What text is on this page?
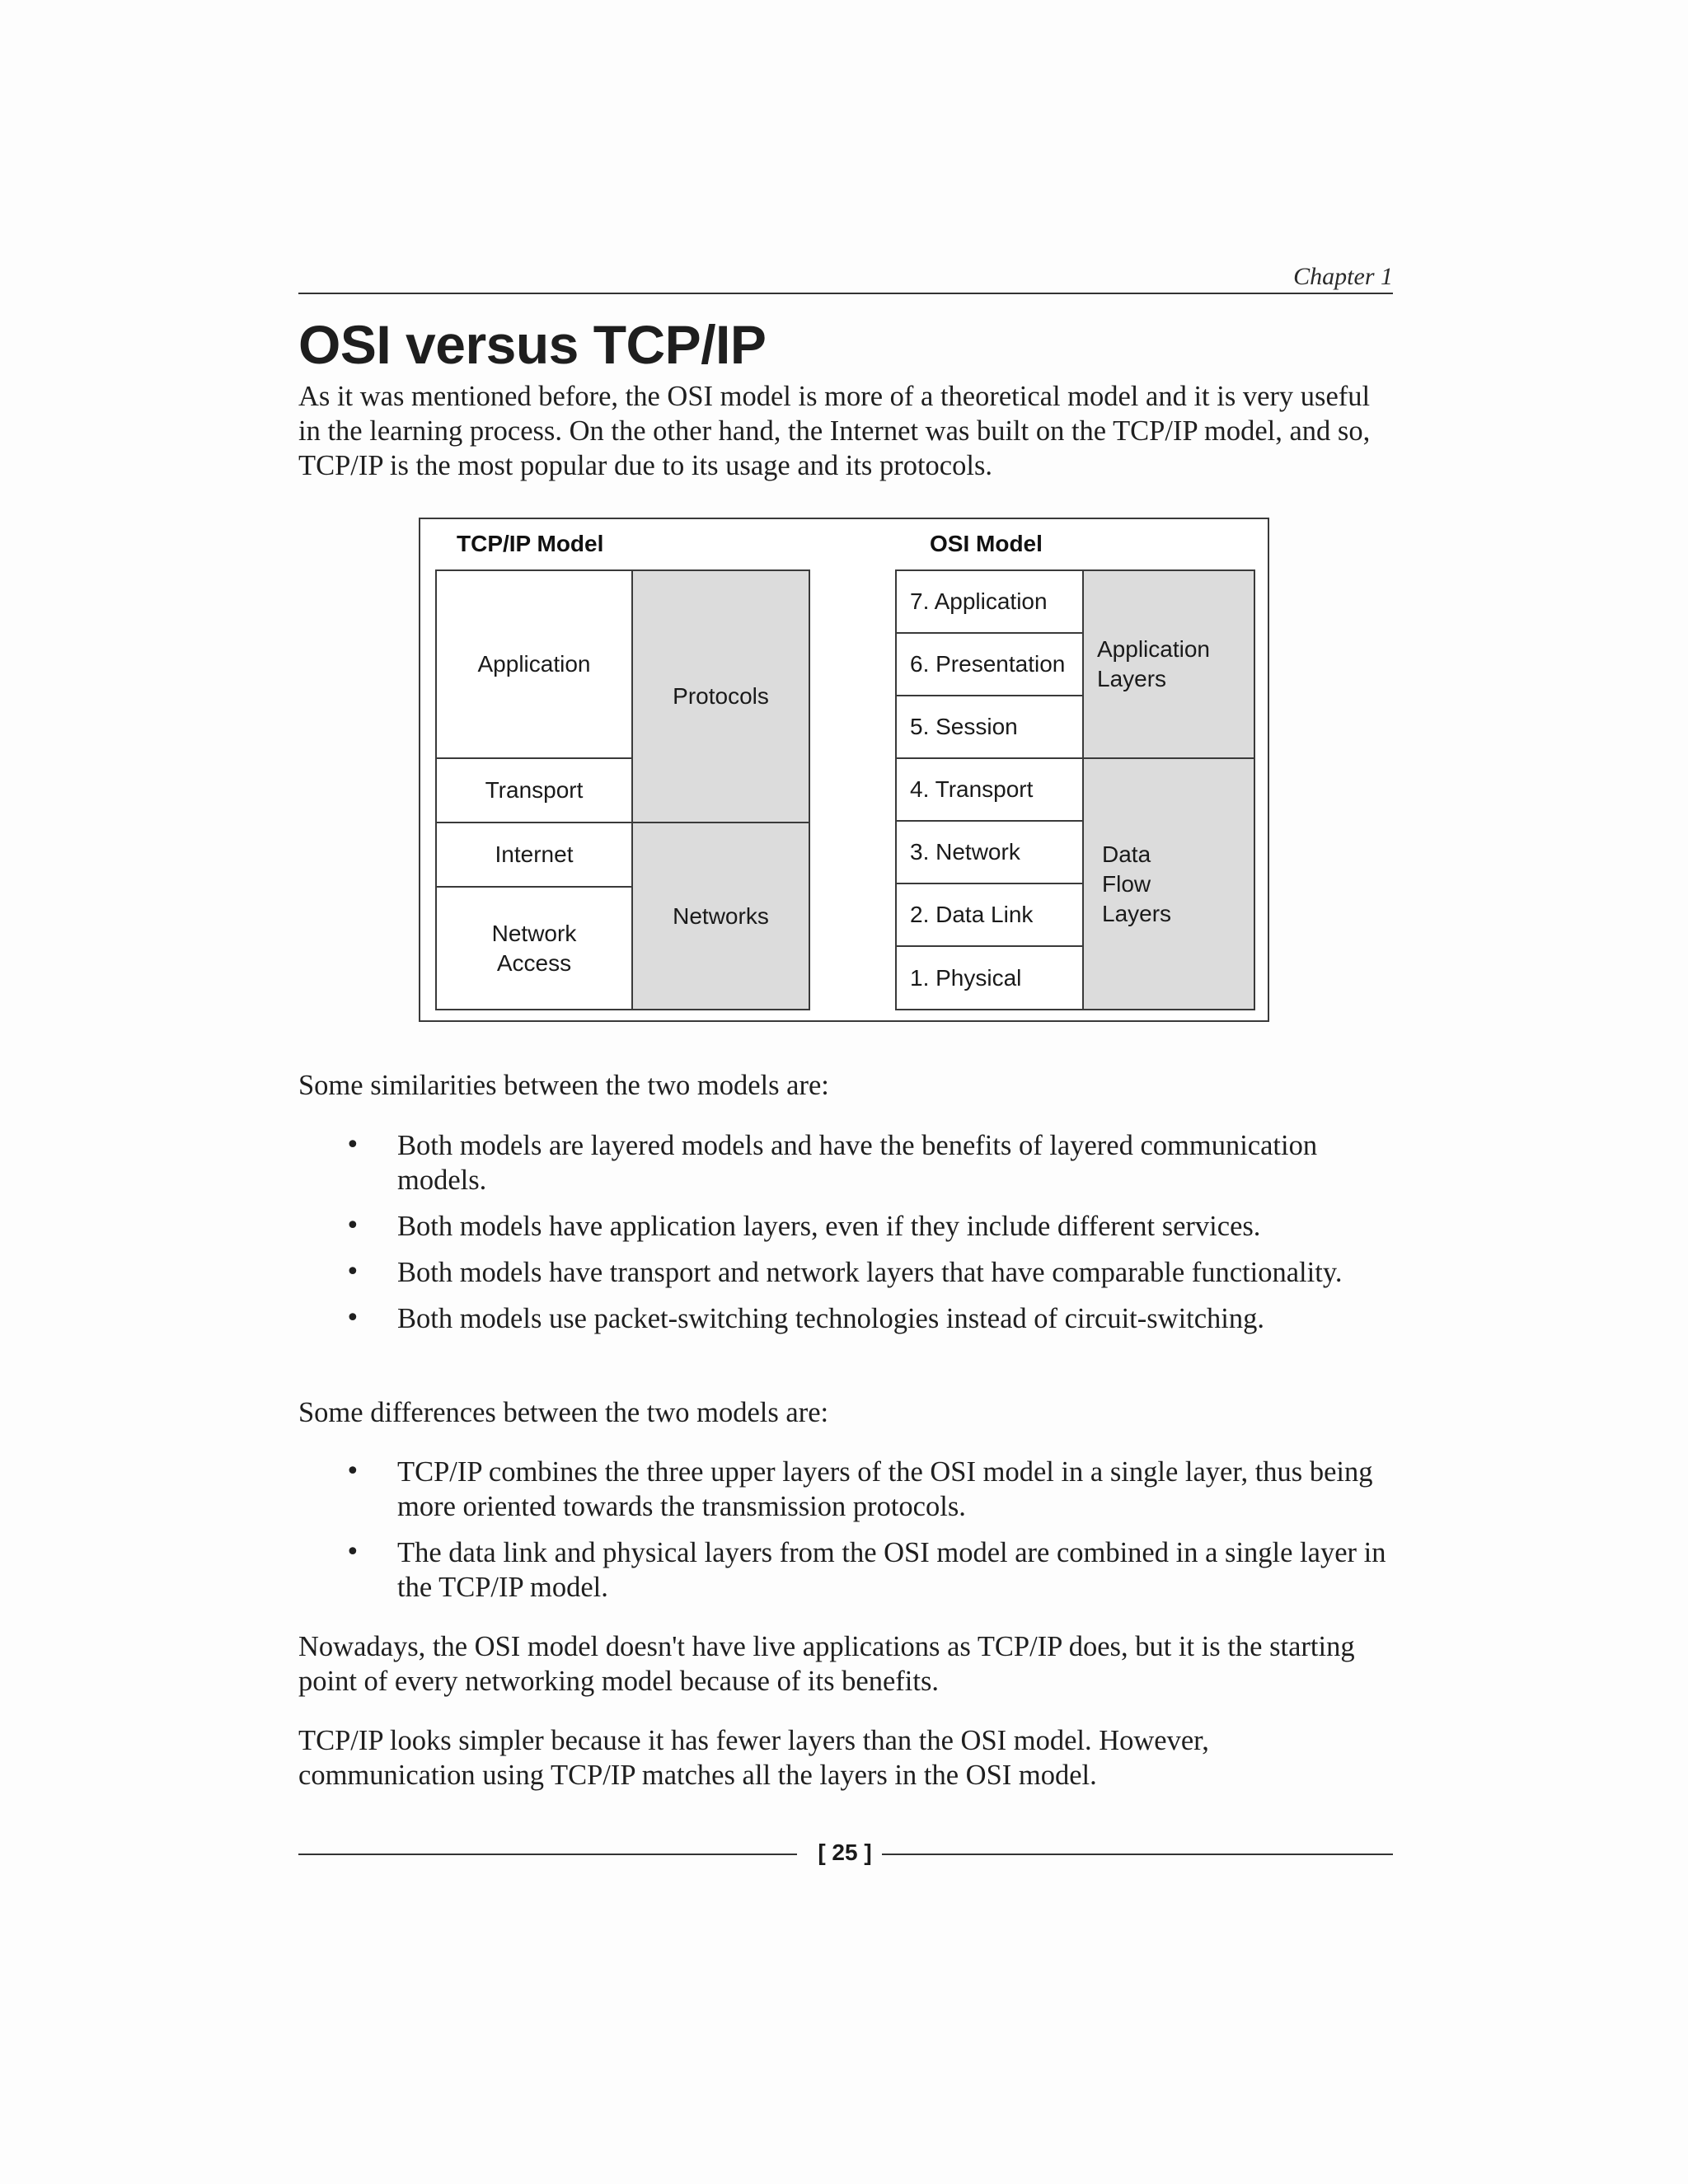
Chapter 1
OSI versus TCP/IP

As it was mentioned before, the OSI model is more of a theoretical model and it is very useful in the learning process. On the other hand, the Internet was built on the TCP/IP model, and so, TCP/IP is the most popular due to its usage and its protocols.

TCP/IP Model	OSI Model
Application
Transport
Internet
Network Access
Protocols
Networks
7. Application
6. Presentation
5. Session
4. Transport
3. Network
2. Data Link
1. Physical
Application Layers
Data Flow Layers

Some similarities between the two models are:

• Both models are layered models and have the benefits of layered communication models.
• Both models have application layers, even if they include different services.
• Both models have transport and network layers that have comparable functionality.
• Both models use packet-switching technologies instead of circuit-switching.

Some differences between the two models are:

• TCP/IP combines the three upper layers of the OSI model in a single layer, thus being more oriented towards the transmission protocols.
• The data link and physical layers from the OSI model are combined in a single layer in the TCP/IP model.

Nowadays, the OSI model doesn't have live applications as TCP/IP does, but it is the starting point of every networking model because of its benefits.

TCP/IP looks simpler because it has fewer layers than the OSI model. However, communication using TCP/IP matches all the layers in the OSI model.

[ 25 ]
